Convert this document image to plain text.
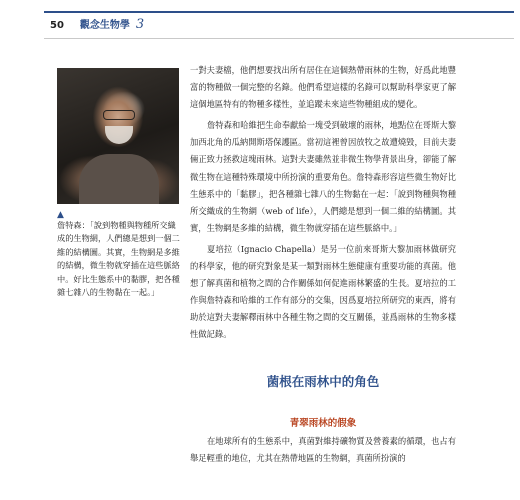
50 觀念生物學 3
▲

詹特森：「說到物種與物種所交織成的生物網，人們總是想到一個二維的結構圖。其實，生物網是多維的結構，微生物就穿插在這些脈絡中。好比生態系中的黏膠，把各種雜七雜八的生物黏在一起。」

一對夫妻檔，他們想要找出所有居住在這個熱帶雨林的生物，好爲此地豐富的物種做一個完整的名錄。他們希望這樣的名錄可以幫助科學家更了解這個地區特有的物種多樣性，並追蹤未來這些物種組成的變化。

詹特森和哈維把生命奉獻給一塊受到破壞的雨林，地點位在哥斯大黎加西北角的瓜納開斯塔保護區。當初這裡曾因放牧之故遭燒毀，目前夫妻倆正致力拯救這塊雨林。這對夫妻雖然並非微生物學背景出身，卻能了解微生物在這種特殊環境中所扮演的重要角色。詹特森形容這些微生物好比生態系中的「黏膠」，把各種雜七雜八的生物黏在一起：「說到物種與物種所交織成的生物網（web of life），人們總是想到一個二維的結構圖。其實，生物網是多維的結構，微生物就穿插在這些脈絡中。」

夏培拉（Ignacio Chapella）是另一位前來哥斯大黎加雨林做研究的科學家，他的研究對象是某一類對雨林生態健康有重要功能的真菌。他想了解真菌和植物之間的合作關係如何促進雨林繁盛的生長。夏培拉的工作與詹特森和哈維的工作有部分的交集，因爲夏培拉所研究的東西，將有助於這對夫妻解釋雨林中各種生物之間的交互關係，並爲雨林的生物多樣性做記錄。

菌根在雨林中的角色
青翠雨林的假象

在地球所有的生態系中，真菌對維持礦物質及營養素的循環，也占有舉足輕重的地位，尤其在熱帶地區的生物網，真菌所扮演的
